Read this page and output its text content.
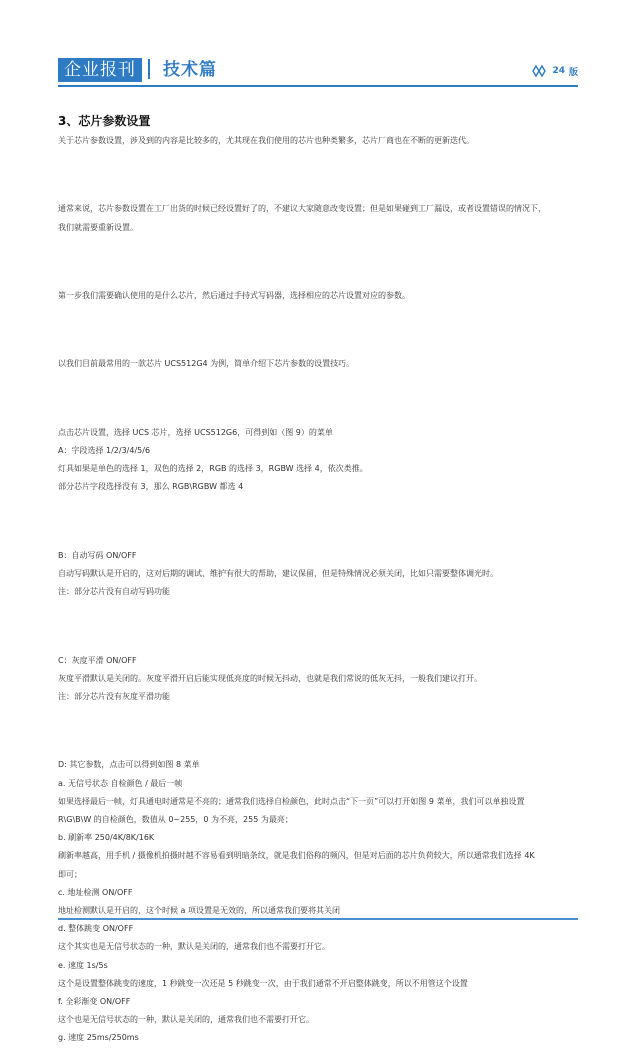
企业报刊	技术篇	24 版
3、芯片参数设置

关于芯片参数设置，涉及到的内容是比较多的，尤其现在我们使用的芯片也种类繁多，芯片厂商也在不断的更新迭代。

通常来说，芯片参数设置在工厂出货的时候已经设置好了的，不建议大家随意改变设置；但是如果碰到工厂漏设，或者设置错误的情况下，

我们就需要重新设置。

第一步我们需要确认使用的是什么芯片，然后通过手持式写码器，选择相应的芯片设置对应的参数。

以我们目前最常用的一款芯片 UCS512G4 为例，简单介绍下芯片参数的设置技巧。

点击芯片设置，选择 UCS 芯片，选择 UCS512G6，可得到如（图 9）的菜单

A：字段选择 1/2/3/4/5/6

灯具如果是单色的选择 1，双色的选择 2，RGB 的选择 3，RGBW 选择 4，依次类推。

部分芯片字段选择没有 3，那么 RGB\RGBW 都选 4

B：自动写码 ON/OFF

自动写码默认是开启的，这对后期的调试、维护有很大的帮助，建议保留，但是特殊情况必须关闭，比如只需要整体调光时。

注：部分芯片没有自动写码功能

C：灰度平滑 ON/OFF

灰度平滑默认是关闭的。灰度平滑开启后能实现低亮度的时候无抖动，也就是我们常说的低灰无抖，一般我们建议打开。

注：部分芯片没有灰度平滑功能

D: 其它参数，点击可以得到如图 8 菜单

a. 无信号状态 自检颜色 / 最后一帧

如果选择最后一帧，灯具通电时通常是不亮的；通常我们选择自检颜色，此时点击“下一页”可以打开如图 9 菜单，我们可以单独设置

R\G\B\W 的自检颜色，数值从 0~255，0 为不亮，255 为最亮；

b. 刷新率 250/4K/8K/16K

刷新率越高，用手机 / 摄像机拍摄时越不容易看到明暗条纹，就是我们俗称的频闪，但是对后面的芯片负荷较大，所以通常我们选择 4K

即可；

c. 地址检测 ON/OFF

地址检测默认是开启的，这个时候 a 项设置是无效的，所以通常我们要将其关闭

d. 整体跳变 ON/OFF

这个其实也是无信号状态的一种，默认是关闭的，通常我们也不需要打开它。

e. 速度 1s/5s

这个是设置整体跳变的速度，1 秒跳变一次还是 5 秒跳变一次，由于我们通常不开启整体跳变，所以不用管这个设置

f. 全彩渐变 ON/OFF

这个也是无信号状态的一种，默认是关闭的，通常我们也不需要打开它。

g. 速度 25ms/250ms
